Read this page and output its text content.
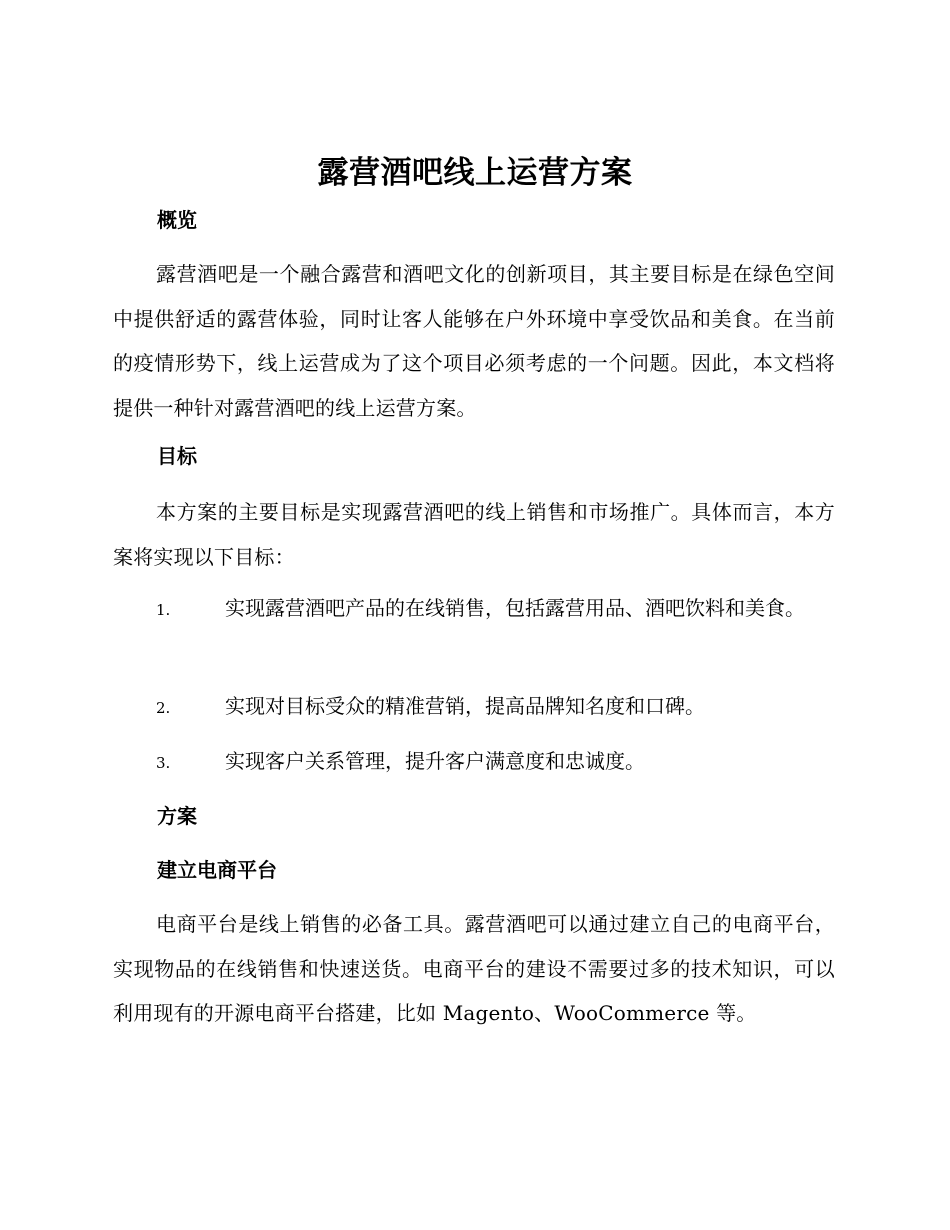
露营酒吧线上运营方案
概览
露营酒吧是一个融合露营和酒吧文化的创新项目，其主要目标是在绿色空间中提供舒适的露营体验，同时让客人能够在户外环境中享受饮品和美食。在当前的疫情形势下，线上运营成为了这个项目必须考虑的一个问题。因此，本文档将提供一种针对露营酒吧的线上运营方案。
目标
本方案的主要目标是实现露营酒吧的线上销售和市场推广。具体而言，本方案将实现以下目标：
1.	实现露营酒吧产品的在线销售，包括露营用品、酒吧饮料和美食。
2.	实现对目标受众的精准营销，提高品牌知名度和口碑。
3.	实现客户关系管理，提升客户满意度和忠诚度。
方案
建立电商平台
电商平台是线上销售的必备工具。露营酒吧可以通过建立自己的电商平台，实现物品的在线销售和快速送货。电商平台的建设不需要过多的技术知识，可以利用现有的开源电商平台搭建，比如 Magento、WooCommerce 等。
